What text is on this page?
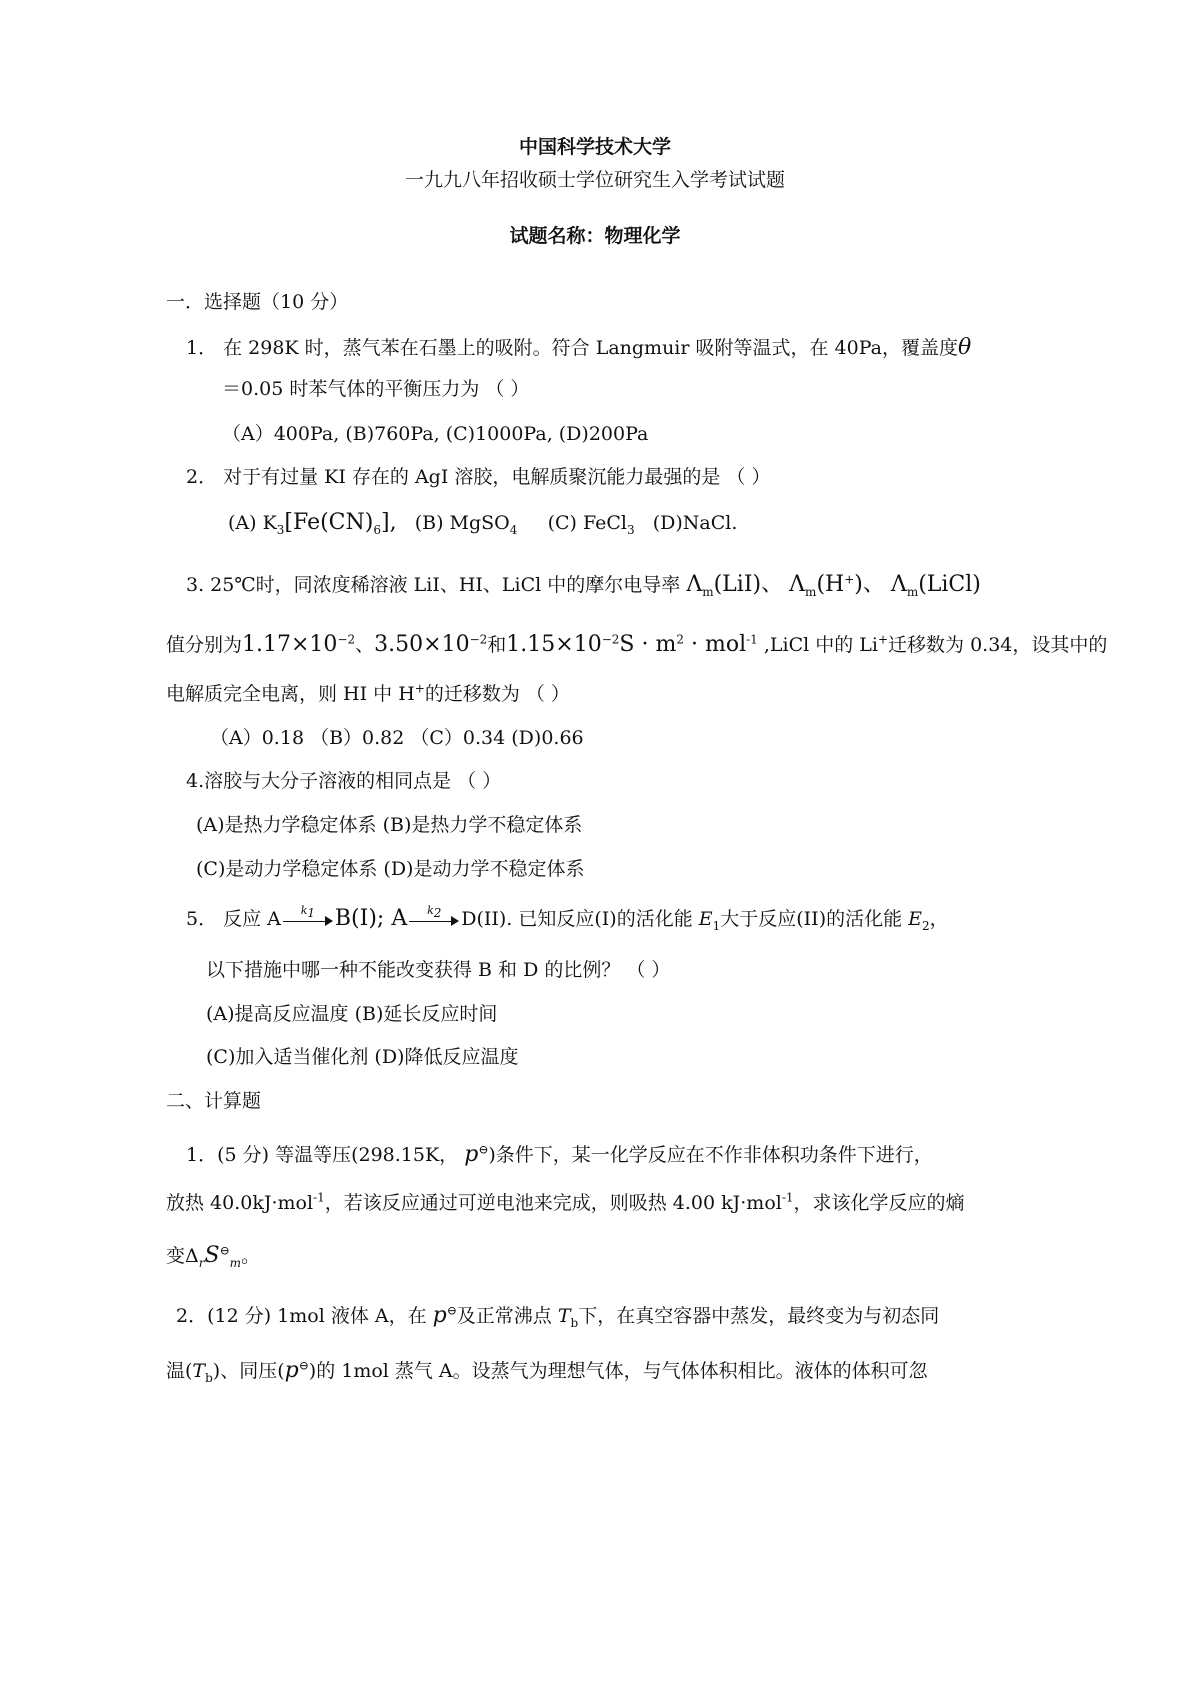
中国科学技术大学
一九九八年招收硕士学位研究生入学考试试题
试题名称：物理化学
一．选择题（10 分）
1． 在 298K 时，蒸气苯在石墨上的吸附。符合 Langmuir 吸附等温式，在 40Pa，覆盖度θ
＝0.05 时苯气体的平衡压力为 （ ）
（A）400Pa, (B)760Pa, (C)1000Pa, (D)200Pa
2． 对于有过量 KI 存在的 AgI 溶胶，电解质聚沉能力最强的是 （ ）
(A) $K_3[Fe(CN)_6]$, (B) MgSO$_4$ (C) FeCl$_3$ (D)NaCl.
3. 25℃时，同浓度稀溶液 LiI、HI、LiCl 中的摩尔电导率 $\Lambda_m(LiI)$、 $\Lambda_m(H^+)$、 $\Lambda_m(LiCl)$
值分别为$1.17\times 10^{-2}$、$3.50\times 10^{-2}$和$1.15\times 10^{-2}S \cdot m^2 \cdot mol^{-1}$ ,LiCl 中的 Li+迁移数为 0.34，设其中的
电解质完全电离，则 HI 中 H+的迁移数为 （ ）
（A）0.18 （B）0.82 （C）0.34 (D)0.66
4.溶胶与大分子溶液的相同点是 （ ）
(A)是热力学稳定体系 (B)是热力学不稳定体系
(C)是动力学稳定体系 (D)是动力学不稳定体系
5． 反应 A	$k_1$ B(I); A	$k_2$	D(II). 已知反应(I)的活化能 $E_1$大于反应(II)的活化能 $E_2$，
以下措施中哪一种不能改变获得 B 和 D 的比例？ （ ）
(A)提高反应温度 (B)延长反应时间
(C)加入适当催化剂 (D)降低反应温度
二、计算题
1．(5 分) 等温等压(298.15K， p⊖)条件下，某一化学反应在不作非体积功条件下进行，
放热 40.0kJ·mol$^{-1}$，若该反应通过可逆电池来完成，则吸热 4.00 kJ·mol$^{-1}$，求该化学反应的熵
变$\Delta_rS^⊖_m$。
2．(12 分) 1mol 液体 A，在 p⊖及正常沸点 $T_b$下，在真空容器中蒸发，最终变为与初态同
温$(T_b)$、同压(p⊖)的 1mol 蒸气 A。设蒸气为理想气体，与气体体积相比。液体的体积可忽
